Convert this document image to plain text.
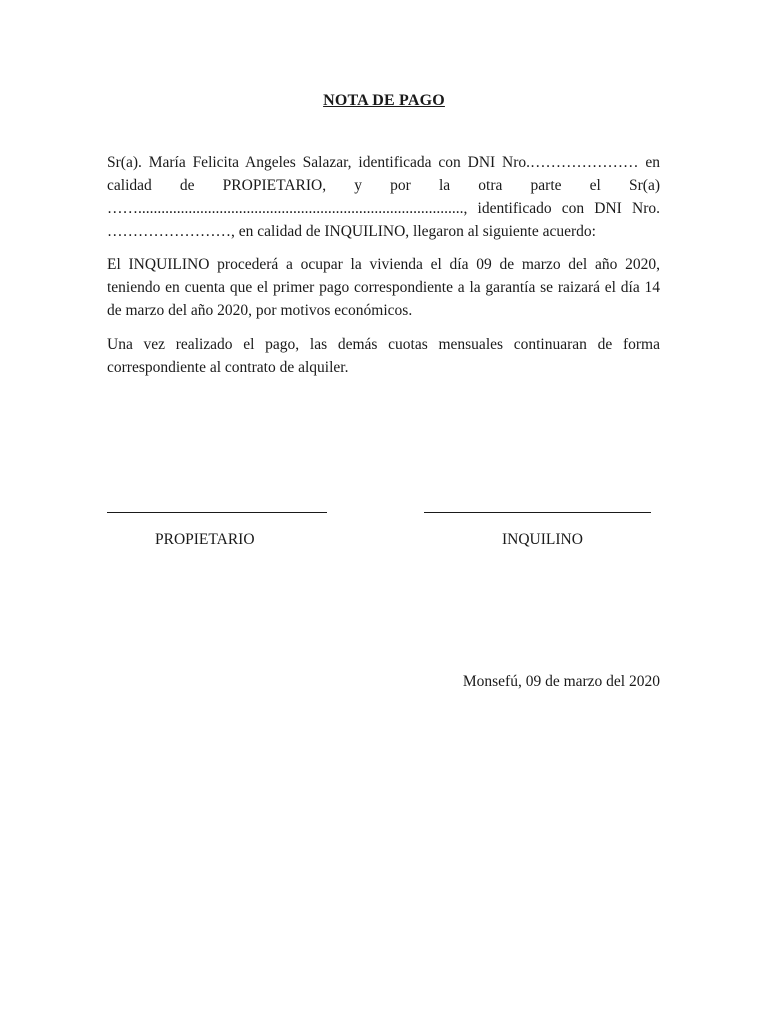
NOTA DE PAGO
Sr(a). María Felicita Angeles Salazar, identificada con DNI Nro.………………… en calidad de PROPIETARIO, y por la otra parte el Sr(a) ……...................................................................................., identificado con DNI Nro. ……………………, en calidad de INQUILINO, llegaron al siguiente acuerdo:
El INQUILINO procederá a ocupar la vivienda el día 09 de marzo del año 2020, teniendo en cuenta que el primer pago correspondiente a la garantía se raizará el día 14 de marzo del año 2020, por motivos económicos.
Una vez realizado el pago, las demás cuotas mensuales continuaran de forma correspondiente al contrato de alquiler.
PROPIETARIO	INQUILINO
Monsefú, 09 de marzo del 2020
